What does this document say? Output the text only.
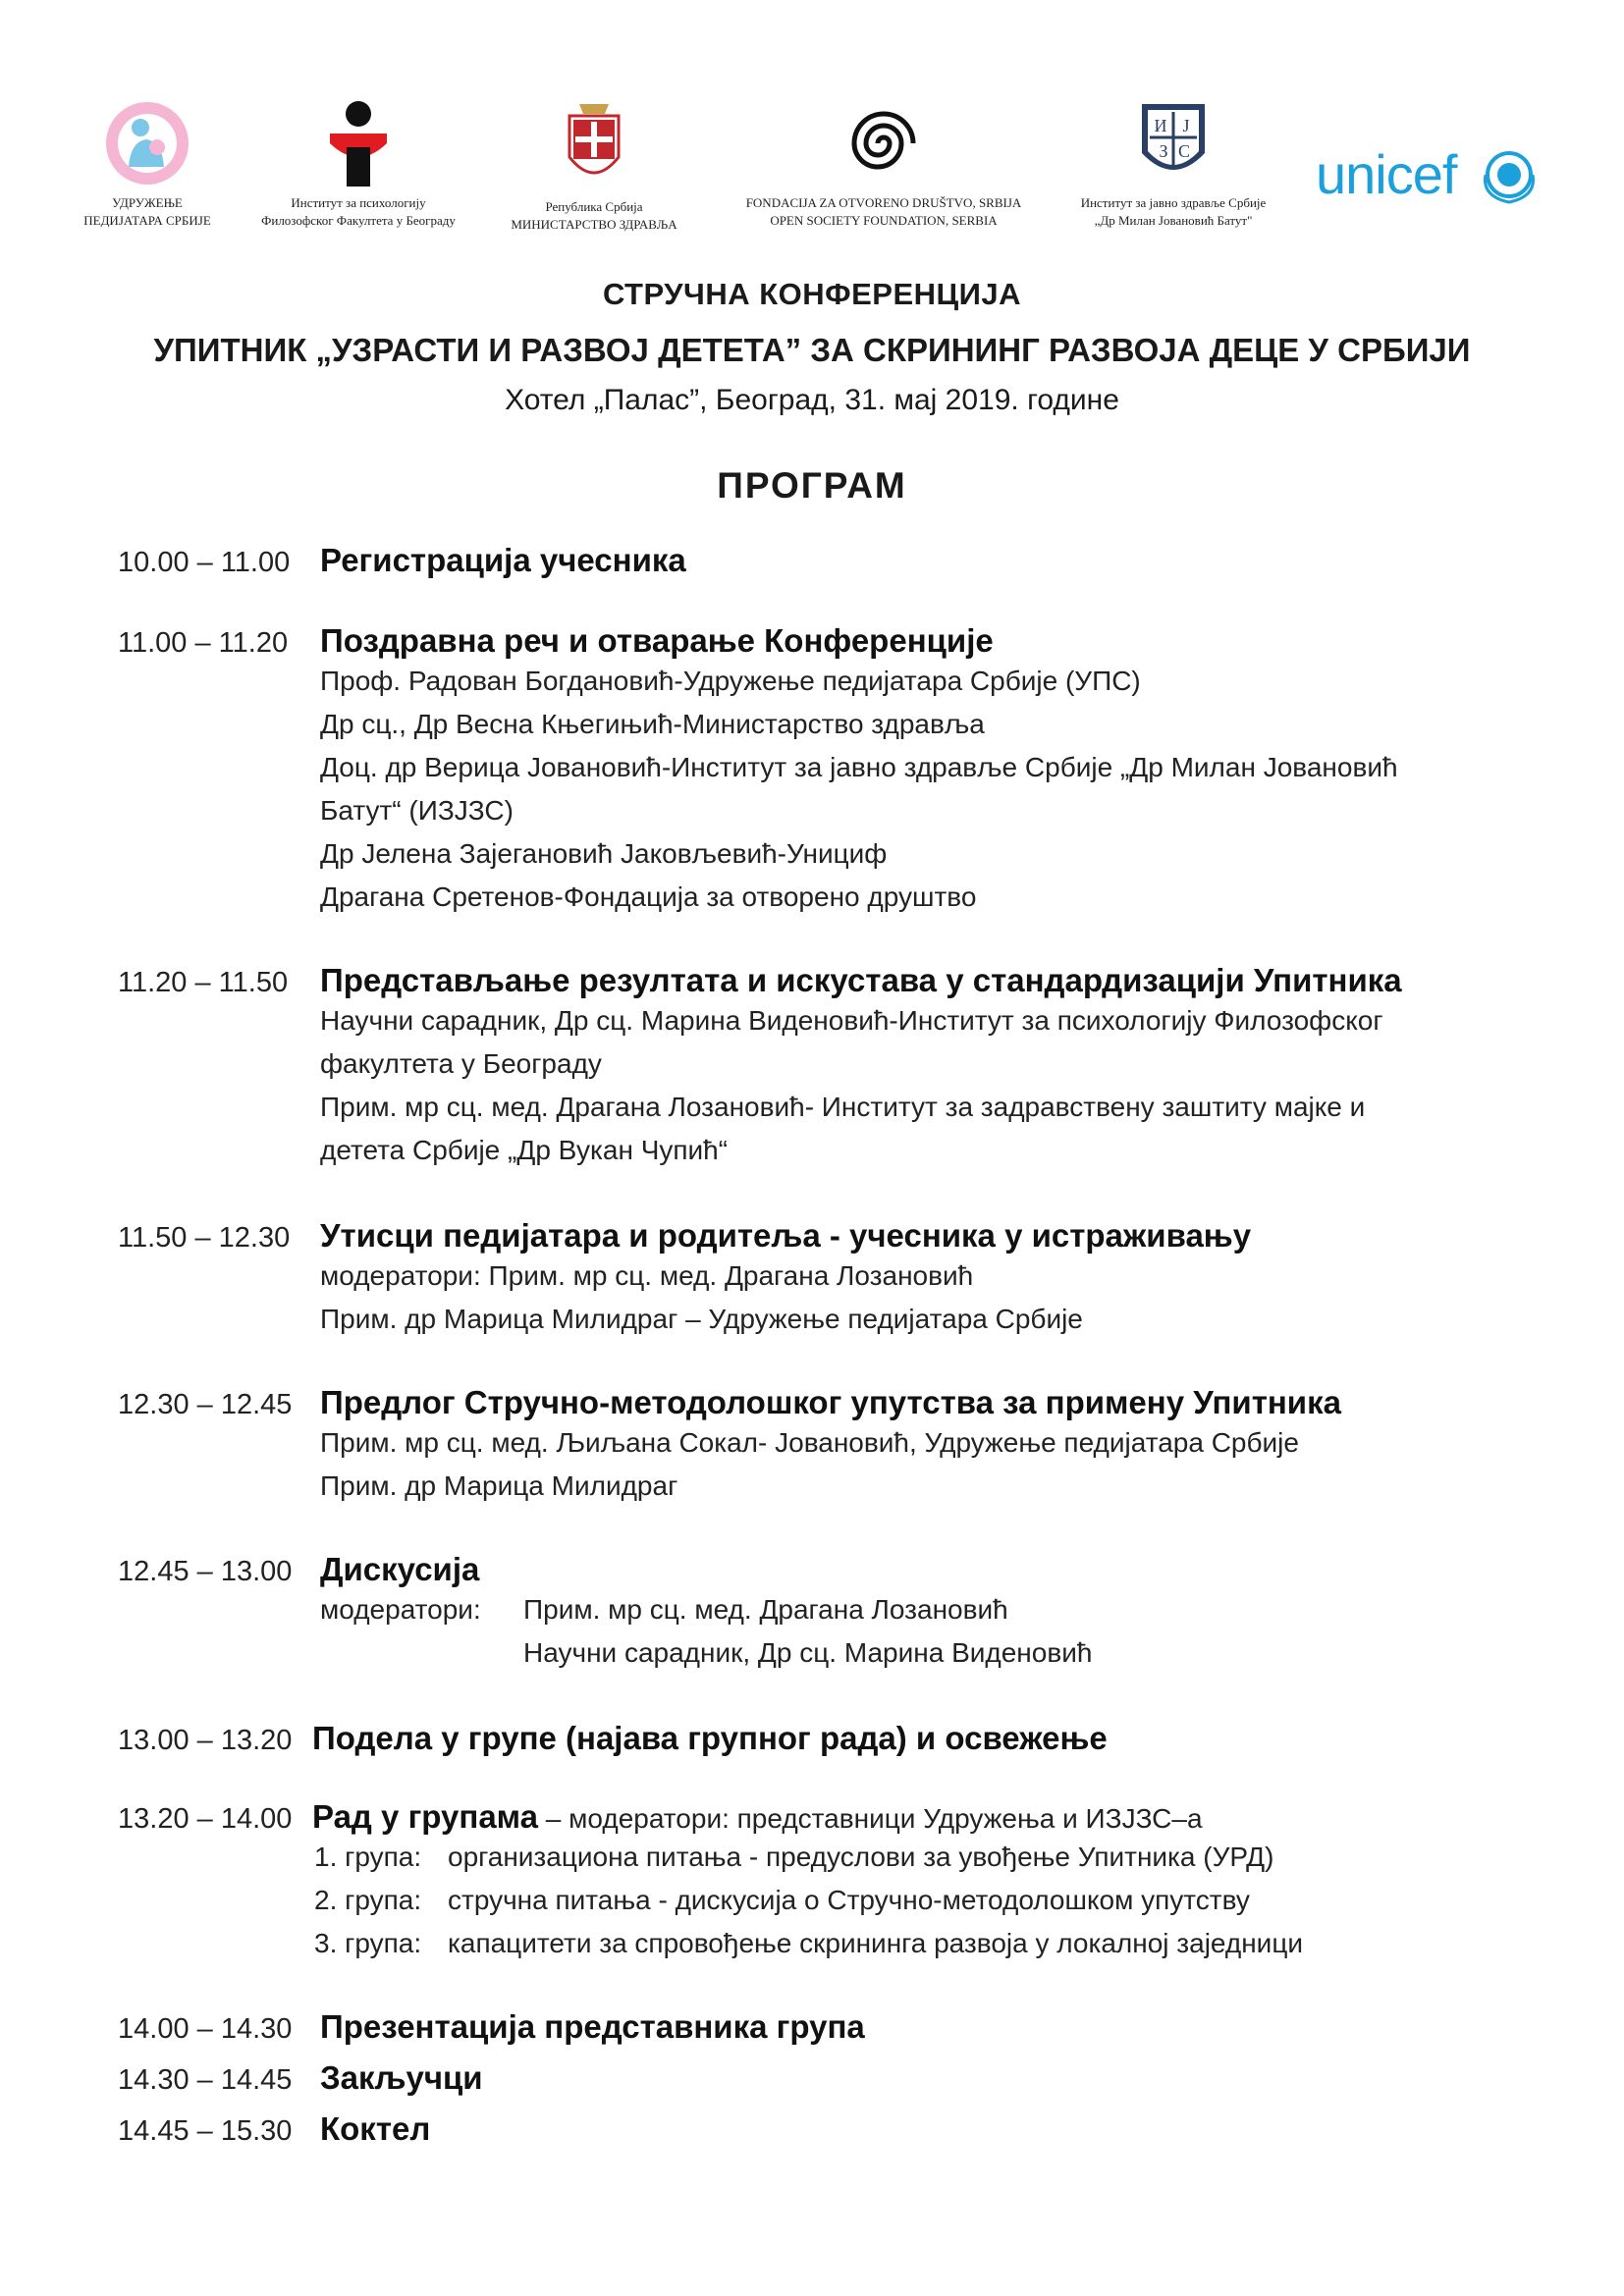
УДРУЖЕЊЕ
ПЕДИЈАТАРА СРБИЈЕ
Институт за психологију
Филозофског Факултета у Београду
Република Србија
МИНИСТАРСТВО ЗДРАВЉА
FONDACIJA ZA OTVORENO DRUŠTVO, SRBIJA
OPEN SOCIETY FOUNDATION, SERBIA
И Ј
З С
Институт за јавно здравље Србије
„Др Милан Јовановић Батут"
unicef
СТРУЧНА КОНФЕРЕНЦИЈА
УПИТНИК „УЗРАСТИ И РАЗВОЈ ДЕТЕТА” ЗА СКРИНИНГ РАЗВОЈА ДЕЦЕ У СРБИЈИ
Хотел „Палас”, Београд, 31. мај 2019. године
ПРОГРАМ
10.00 – 11.00 Регистрација учесника
11.00 – 11.20 Поздравна реч и отварање Конференције
Проф. Радован Богдановић-Удружење педијатара Србије (УПС)
Др сц., Др Весна Књегињић-Министарство здравља
Доц. др Верица Јовановић-Институт за јавно здравље Србије „Др Милан Јовановић
Батут“ (ИЗЈЗС)
Др Јелена Зајегановић Јаковљевић-Унициф
Драгана Сретенов-Фондација за отворено друштво
11.20 – 11.50 Представљање резултата и искустава у стандардизацији Упитника
Научни сарадник, Др сц. Марина Виденовић-Институт за психологију Филозофског
факултета у Београду
Прим. мр сц. мед. Драгана Лозановић- Институт за задравствену заштиту мајке и
детета Србије „Др Вукан Чупић“
11.50 – 12.30 Утисци педијатара и родитеља - учесника у истраживању
модератори: Прим. мр сц. мед. Драгана Лозановић
Прим. др Марица Милидраг – Удружење педијатара Србије
12.30 – 12.45 Предлог Стручно-методолошког упутства за примену Упитника
Прим. мр сц. мед. Љиљана Сокал- Јовановић, Удружење педијатара Србије
Прим. др Марица Милидраг
12.45 – 13.00 Дискусија
модератори: Прим. мр сц. мед. Драгана Лозановић
Научни сарадник, Др сц. Марина Виденовић
13.00 – 13.20 Подела у групе (најава групног рада) и освежење
13.20 – 14.00 Рад у групама – модератори: представници Удружења и ИЗЈЗС–а
1. група: организациона питања - предуслови за увођење Упитника (УРД)
2. група: стручна питања - дискусија о Стручно-методолошком упутству
3. група: капацитети за спровођење скрининга развоја у локалној заједници
14.00 – 14.30 Презентација представника група
14.30 – 14.45 Закључци
14.45 – 15.30 Коктел
